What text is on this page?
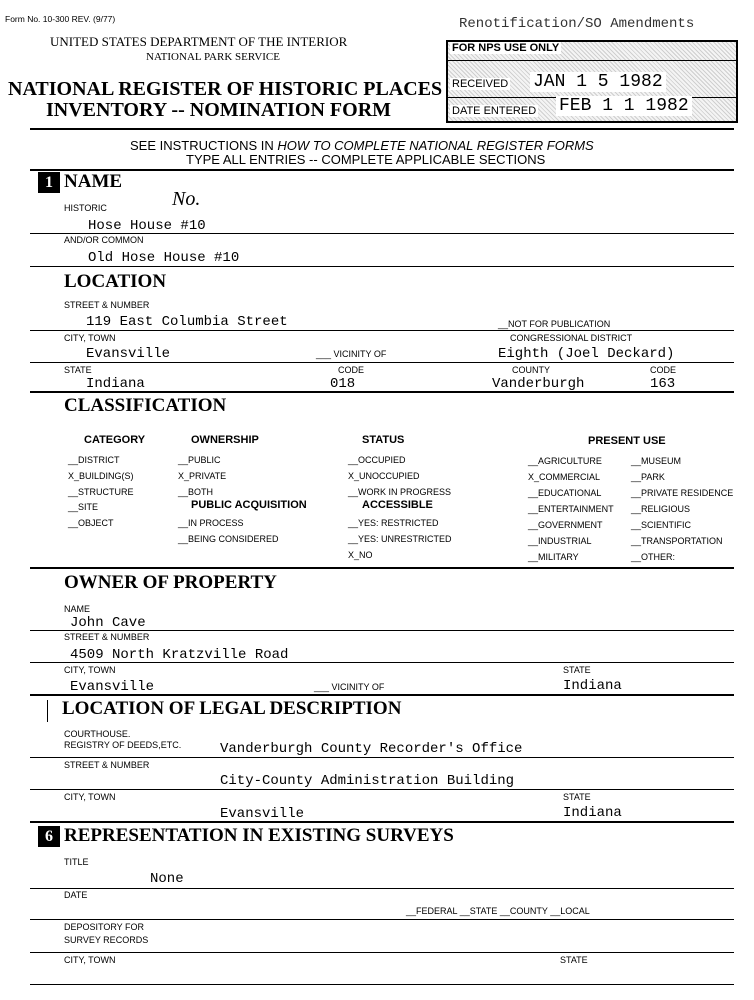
Form No. 10-300 REV. (9/77)
UNITED STATES DEPARTMENT OF THE INTERIOR
NATIONAL PARK SERVICE
NATIONAL REGISTER OF HISTORIC PLACES
INVENTORY -- NOMINATION FORM
Renotification/SO Amendments
FOR NPS USE ONLY
RECEIVED JAN 1 5 1982
DATE ENTERED FEB 1 1 1982
SEE INSTRUCTIONS IN HOW TO COMPLETE NATIONAL REGISTER FORMS
TYPE ALL ENTRIES -- COMPLETE APPLICABLE SECTIONS
1 NAME
HISTORIC	No.
Hose House #10
AND/OR COMMON
Old Hose House #10
LOCATION
STREET & NUMBER
119 East Columbia Street	__NOT FOR PUBLICATION
CITY, TOWN	CONGRESSIONAL DISTRICT
Evansville	___ VICINITY OF	Eighth (Joel Deckard)
STATE	CODE	COUNTY	CODE
Indiana	018	Vanderburgh	163
CLASSIFICATION
CATEGORY
__DISTRICT
X_BUILDING(S)
__STRUCTURE
__SITE
__OBJECT
OWNERSHIP
__PUBLIC
X_PRIVATE
__BOTH
PUBLIC ACQUISITION
__IN PROCESS
__BEING CONSIDERED
STATUS
__OCCUPIED
X_UNOCCUPIED
__WORK IN PROGRESS
ACCESSIBLE
__YES: RESTRICTED
__YES: UNRESTRICTED
X_NO
PRESENT USE
__AGRICULTURE
X_COMMERCIAL
__EDUCATIONAL
__ENTERTAINMENT
__GOVERNMENT
__INDUSTRIAL
__MILITARY
__MUSEUM
__PARK
__PRIVATE RESIDENCE
__RELIGIOUS
__SCIENTIFIC
__TRANSPORTATION
__OTHER:
OWNER OF PROPERTY
NAME
John Cave
STREET & NUMBER
4509 North Kratzville Road
CITY, TOWN	STATE
Evansville	___ VICINITY OF	Indiana
LOCATION OF LEGAL DESCRIPTION
COURTHOUSE.
REGISTRY OF DEEDS,ETC.	Vanderburgh County Recorder's Office
STREET & NUMBER
City-County Administration Building
CITY, TOWN	STATE
Evansville	Indiana
6 REPRESENTATION IN EXISTING SURVEYS
TITLE
None
DATE
__FEDERAL __STATE __COUNTY __LOCAL
DEPOSITORY FOR
SURVEY RECORDS
CITY, TOWN	STATE
